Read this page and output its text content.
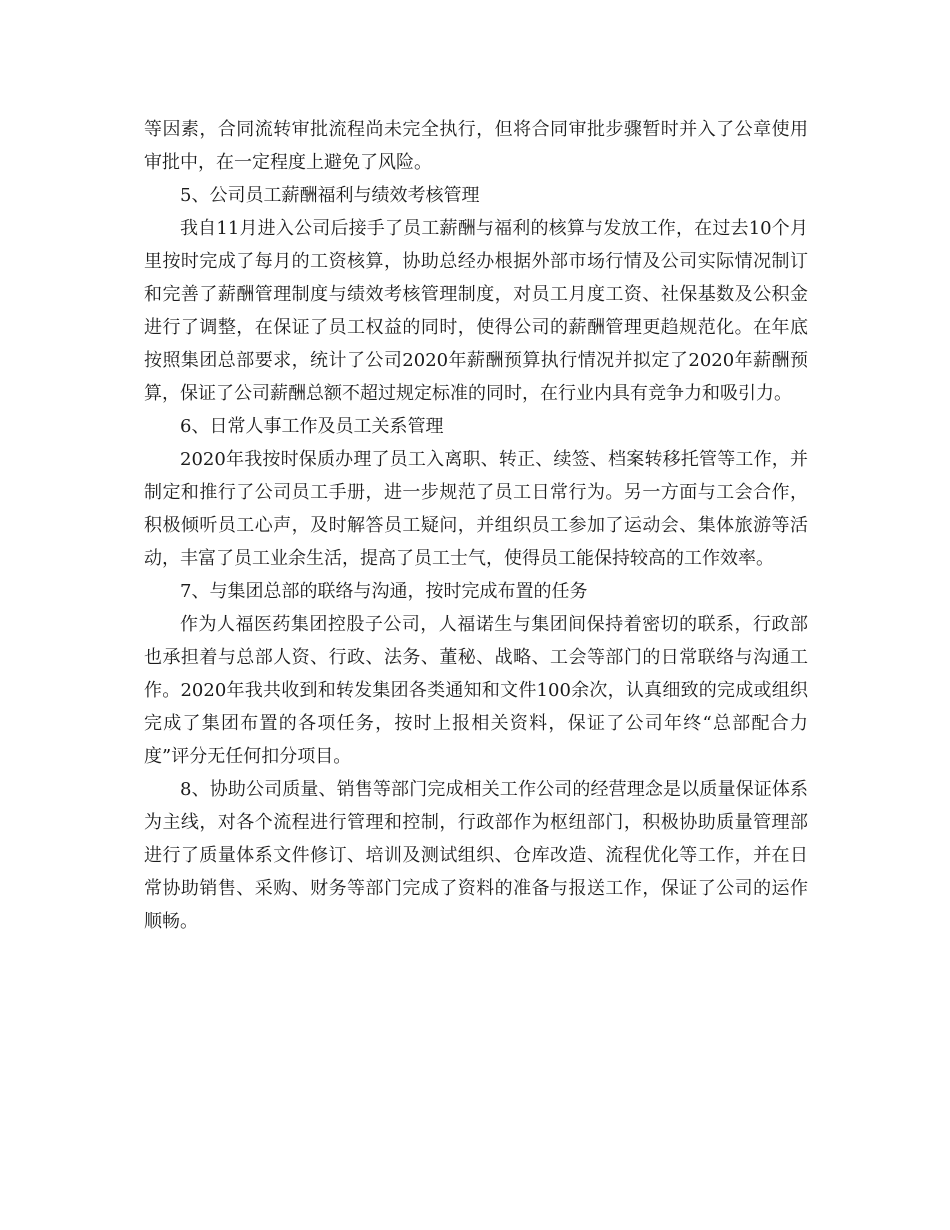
等因素，合同流转审批流程尚未完全执行，但将合同审批步骤暂时并入了公章使用审批中，在一定程度上避免了风险。

5、公司员工薪酬福利与绩效考核管理

我自11月进入公司后接手了员工薪酬与福利的核算与发放工作，在过去10个月里按时完成了每月的工资核算，协助总经办根据外部市场行情及公司实际情况制订和完善了薪酬管理制度与绩效考核管理制度，对员工月度工资、社保基数及公积金进行了调整，在保证了员工权益的同时，使得公司的薪酬管理更趋规范化。在年底按照集团总部要求，统计了公司2020年薪酬预算执行情况并拟定了2020年薪酬预算，保证了公司薪酬总额不超过规定标准的同时，在行业内具有竞争力和吸引力。

6、日常人事工作及员工关系管理

2020年我按时保质办理了员工入离职、转正、续签、档案转移托管等工作，并制定和推行了公司员工手册，进一步规范了员工日常行为。另一方面与工会合作，积极倾听员工心声，及时解答员工疑问，并组织员工参加了运动会、集体旅游等活动，丰富了员工业余生活，提高了员工士气，使得员工能保持较高的工作效率。

7、与集团总部的联络与沟通，按时完成布置的任务

作为人福医药集团控股子公司，人福诺生与集团间保持着密切的联系，行政部也承担着与总部人资、行政、法务、董秘、战略、工会等部门的日常联络与沟通工作。2020年我共收到和转发集团各类通知和文件100余次，认真细致的完成或组织完成了集团布置的各项任务，按时上报相关资料，保证了公司年终“总部配合力度”评分无任何扣分项目。

8、协助公司质量、销售等部门完成相关工作公司的经营理念是以质量保证体系为主线，对各个流程进行管理和控制，行政部作为枢纽部门，积极协助质量管理部进行了质量体系文件修订、培训及测试组织、仓库改造、流程优化等工作，并在日常协助销售、采购、财务等部门完成了资料的准备与报送工作，保证了公司的运作顺畅。
